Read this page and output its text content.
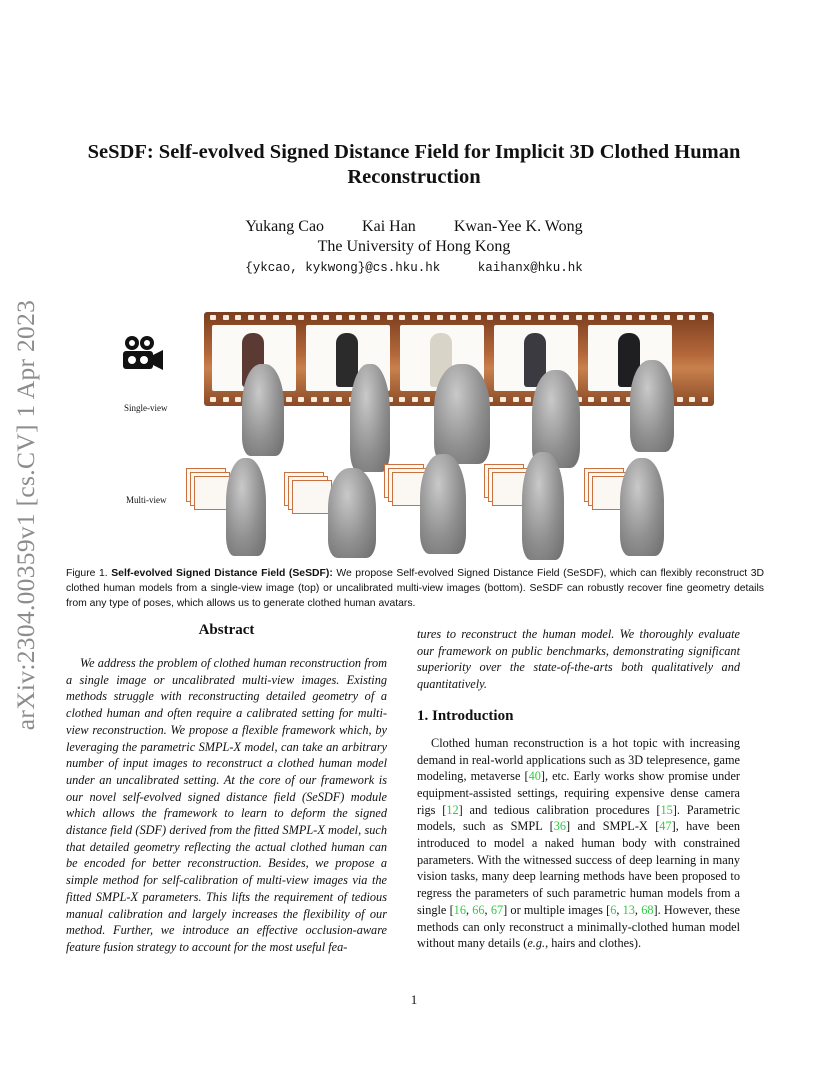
arXiv:2304.00359v1 [cs.CV] 1 Apr 2023
SeSDF: Self-evolved Signed Distance Field for Implicit 3D Clothed Human
Reconstruction
Yukang Cao Kai Han Kwan-Yee K. Wong
The University of Hong Kong
{ykcao, kykwong}@cs.hku.hk	kaihanx@hku.hk
Single-view
Multi-view
Figure 1. Self-evolved Signed Distance Field (SeSDF): We propose Self-evolved Signed Distance Field (SeSDF), which can flexibly reconstruct 3D clothed human models from a single-view image (top) or uncalibrated multi-view images (bottom). SeSDF can robustly recover fine geometry details from any type of poses, which allows us to generate clothed human avatars.
Abstract
We address the problem of clothed human reconstruction from a single image or uncalibrated multi-view images. Existing methods struggle with reconstructing detailed geometry of a clothed human and often require a calibrated setting for multi-view reconstruction. We propose a flexible framework which, by leveraging the parametric SMPL-X model, can take an arbitrary number of input images to reconstruct a clothed human model under an uncalibrated setting. At the core of our framework is our novel self-evolved signed distance field (SeSDF) module which allows the framework to learn to deform the signed distance field (SDF) derived from the fitted SMPL-X model, such that detailed geometry reflecting the actual clothed human can be encoded for better reconstruction. Besides, we propose a simple method for self-calibration of multi-view images via the fitted SMPL-X parameters. This lifts the requirement of tedious manual calibration and largely increases the flexibility of our method. Further, we introduce an effective occlusion-aware feature fusion strategy to account for the most useful fea-
tures to reconstruct the human model. We thoroughly evaluate our framework on public benchmarks, demonstrating significant superiority over the state-of-the-arts both qualitatively and quantitatively.
1. Introduction
Clothed human reconstruction is a hot topic with increasing demand in real-world applications such as 3D telepresence, game modeling, metaverse [40], etc. Early works show promise under equipment-assisted settings, requiring expensive dense camera rigs [12] and tedious calibration procedures [15]. Parametric models, such as SMPL [36] and SMPL-X [47], have been introduced to model a naked human body with constrained parameters. With the witnessed success of deep learning in many vision tasks, many deep learning methods have been proposed to regress the parameters of such parametric human models from a single [16, 66, 67] or multiple images [6, 13, 68]. However, these methods can only reconstruct a minimally-clothed human model without many details (e.g., hairs and clothes).
1
